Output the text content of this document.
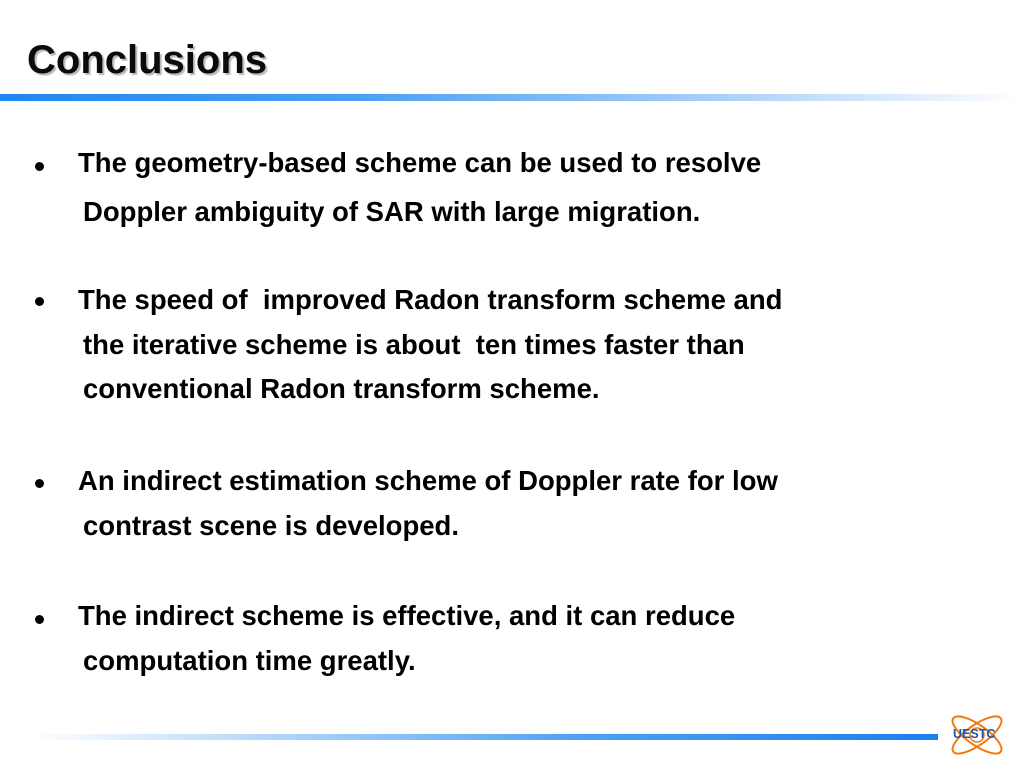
Conclusions
The geometry-based scheme can be used to resolve
Doppler ambiguity of SAR with large migration.
The speed of  improved Radon transform scheme and
the iterative scheme is about  ten times faster than
conventional Radon transform scheme.
An indirect estimation scheme of Doppler rate for low
contrast scene is developed.
The indirect scheme is effective, and it can reduce
computation time greatly.
UESTC
